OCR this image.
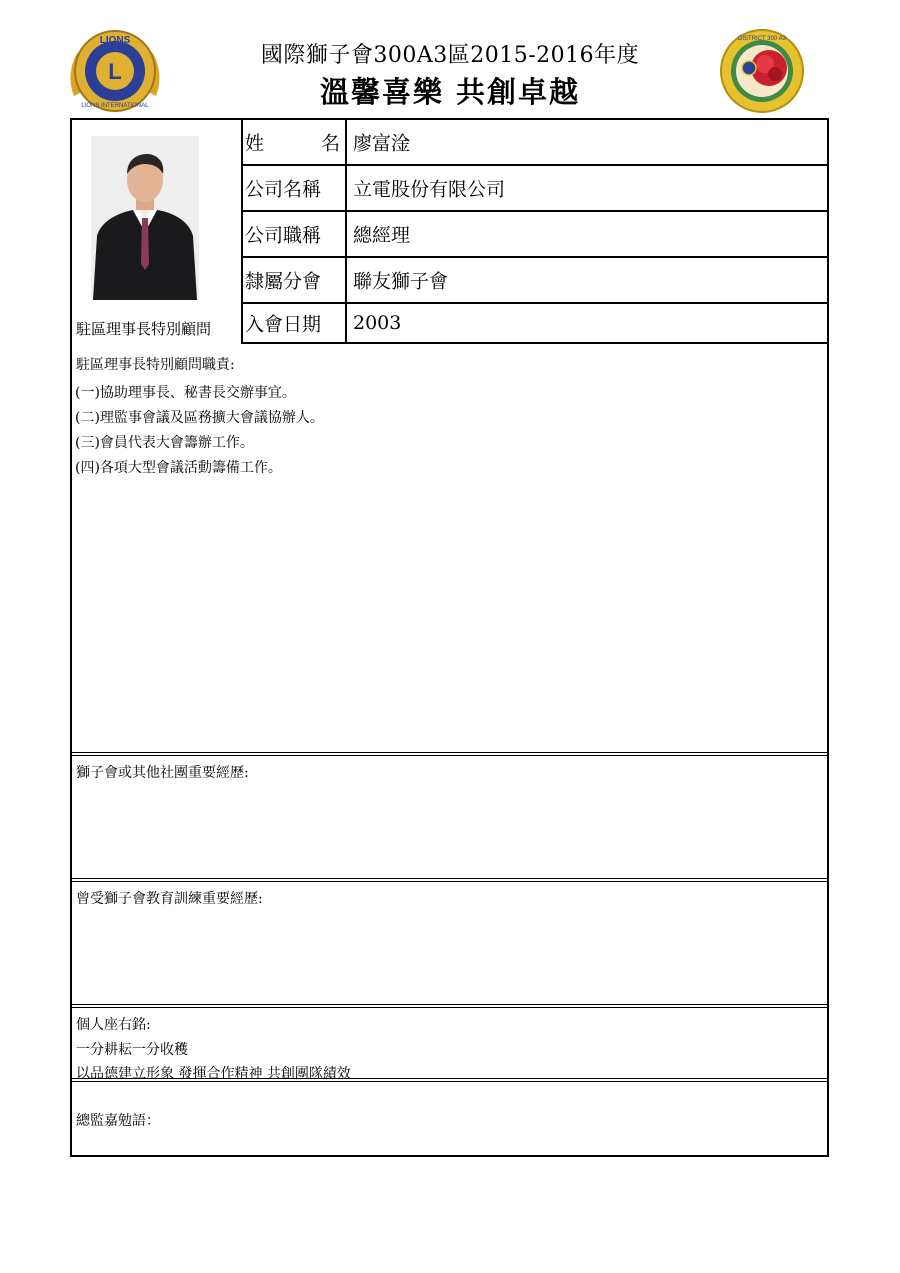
L
LIONS
LIONS INTERNATIONAL
國際獅子會300A3區2015-2016年度
溫馨喜樂 共創卓越
DISTRICT 300 A3
駐區理事長特別顧問
姓　　　名 廖富淦
公司名稱 立電股份有限公司
公司職稱 總經理
隸屬分會 聯友獅子會
入會日期 2003
駐區理事長特別顧問職責:
(一)協助理事長、秘書長交辦事宜。
(二)理監事會議及區務擴大會議協辦人。
(三)會員代表大會籌辦工作。
(四)各項大型會議活動籌備工作。
獅子會或其他社團重要經歷:
曾受獅子會教育訓練重要經歷:
個人座右銘:
一分耕耘一分收穫
以品德建立形象 發揮合作精神 共創團隊績效
總監嘉勉語：
